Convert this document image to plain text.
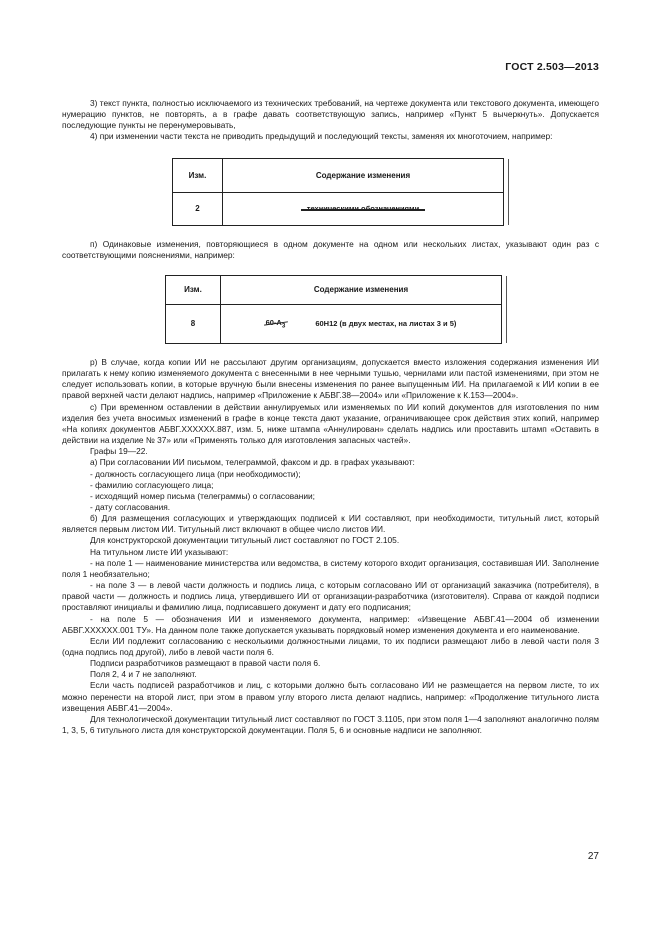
ГОСТ 2.503—2013

3) текст пункта, полностью исключаемого из технических требований, на чертеже документа или текстового документа, имеющего нумерацию пунктов, не повторять, а в графе давать соответствующую запись, например «Пункт 5 вычеркнуть». Допускается последующие пункты не перенумеровывать,

4) при изменении части текста не приводить предыдущий и последующий тексты, заменяя их многоточием, например:

Изм.	Содержание изменения
2	...техническими обозначениями...

п) Одинаковые изменения, повторяющиеся в одном документе на одном или нескольких листах, указывают один раз с соответствующими пояснениями, например:

Изм.	Содержание изменения
8	$60-А_3$	60Н12 (в двух местах, на листах 3 и 5)

р) В случае, когда копии ИИ не рассылают другим организациям, допускается вместо изложения содержания изменения ИИ прилагать к нему копию изменяемого документа с внесенными в нее черными тушью, чернилами или пастой изменениями, при этом не следует использовать копии, в которые вручную были внесены изменения по ранее выпущенным ИИ. На прилагаемой к ИИ копии в ее правой верхней части делают надпись, например «Приложение к АБВГ.38—2004» или «Приложение к К.153—2004».

с) При временном оставлении в действии аннулируемых или изменяемых по ИИ копий документов для изготовления по ним изделия без учета вносимых изменений в графе в конце текста дают указание, ограничивающее срок действия этих копий, например «На копиях документов АБВГ.XXXXXX.887, изм. 5, ниже штампа «Аннулирован» сделать надпись или проставить штамп «Оставить в действии на изделие № 37» или «Применять только для изготовления запасных частей».

Графы 19—22.

а) При согласовании ИИ письмом, телеграммой, факсом и др. в графах указывают:

- должность согласующего лица (при необходимости);

- фамилию согласующего лица;

- исходящий номер письма (телеграммы) о согласовании;

- дату согласования.

б) Для размещения согласующих и утверждающих подписей к ИИ составляют, при необходимости, титульный лист, который является первым листом ИИ. Титульный лист включают в общее число листов ИИ.

Для конструкторской документации титульный лист составляют по ГОСТ 2.105.

На титульном листе ИИ указывают:

- на поле 1 — наименование министерства или ведомства, в систему которого входит организация, составившая ИИ. Заполнение поля 1 необязательно;

- на поле 3 — в левой части должность и подпись лица, с которым согласовано ИИ от организаций заказчика (потребителя), в правой части — должность и подпись лица, утвердившего ИИ от организации-разработчика (изготовителя). Справа от каждой подписи проставляют инициалы и фамилию лица, подписавшего документ и дату его подписания;

- на поле 5 — обозначения ИИ и изменяемого документа, например: «Извещение АБВГ.41—2004 об изменении АБВГ.XXXXXX.001 ТУ». На данном поле также допускается указывать порядковый номер изменения документа и его наименование.

Если ИИ подлежит согласованию с несколькими должностными лицами, то их подписи размещают либо в левой части поля 3 (одна подпись под другой), либо в левой части поля 6.

Подписи разработчиков размещают в правой части поля 6.

Поля 2, 4 и 7 не заполняют.

Если часть подписей разработчиков и лиц, с которыми должно быть согласовано ИИ не размещается на первом листе, то их можно перенести на второй лист, при этом в правом углу второго листа делают надпись, например: «Продолжение титульного листа извещения АБВГ.41—2004».

Для технологической документации титульный лист составляют по ГОСТ 3.1105, при этом поля 1—4 заполняют аналогично полям 1, 3, 5, 6 титульного листа для конструкторской документации. Поля 5, 6 и основные надписи не заполняют.

27
